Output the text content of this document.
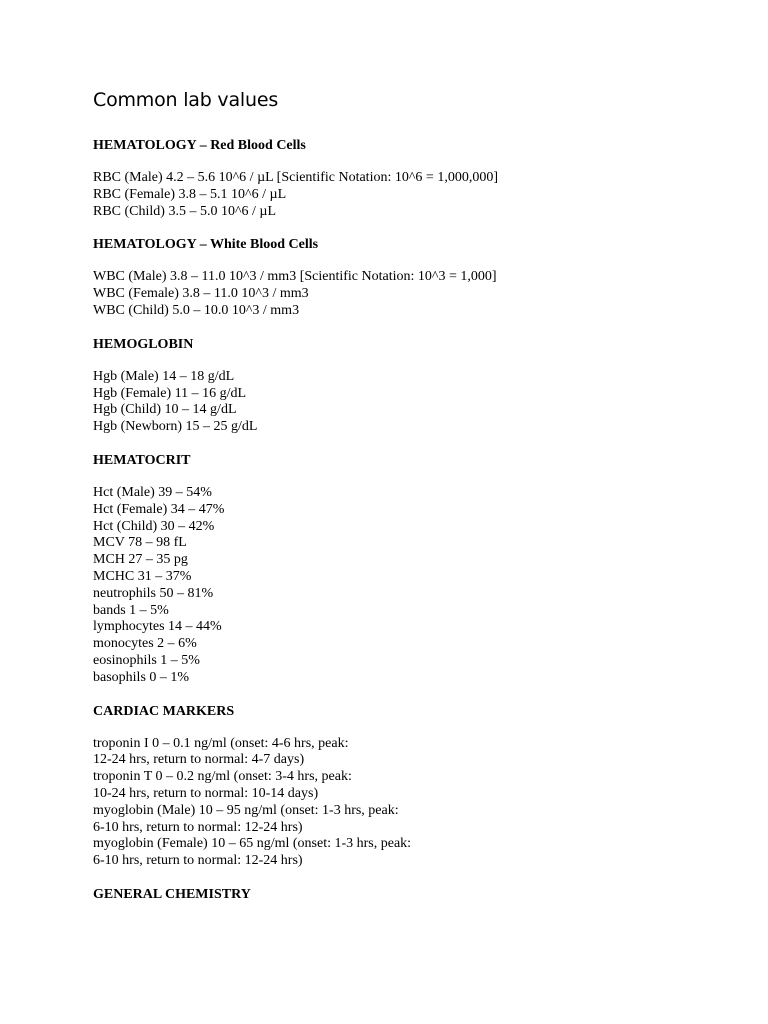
Common lab values
HEMATOLOGY – Red Blood Cells
RBC (Male) 4.2 – 5.6 10^6 / µL [Scientific Notation: 10^6 = 1,000,000]
RBC (Female) 3.8 – 5.1 10^6 / µL
RBC (Child) 3.5 – 5.0 10^6 / µL
HEMATOLOGY – White Blood Cells
WBC (Male) 3.8 – 11.0 10^3 / mm3 [Scientific Notation: 10^3 = 1,000]
WBC (Female) 3.8 – 11.0 10^3 / mm3
WBC (Child) 5.0 – 10.0 10^3 / mm3
HEMOGLOBIN
Hgb (Male) 14 – 18 g/dL
Hgb (Female) 11 – 16 g/dL
Hgb (Child) 10 – 14 g/dL
Hgb (Newborn) 15 – 25 g/dL
HEMATOCRIT
Hct (Male) 39 – 54%
Hct (Female) 34 – 47%
Hct (Child) 30 – 42%
MCV 78 – 98 fL
MCH 27 – 35 pg
MCHC 31 – 37%
neutrophils 50 – 81%
bands 1 – 5%
lymphocytes 14 – 44%
monocytes 2 – 6%
eosinophils 1 – 5%
basophils 0 – 1%
CARDIAC MARKERS
troponin I 0 – 0.1 ng/ml (onset: 4-6 hrs, peak:
12-24 hrs, return to normal: 4-7 days)
troponin T 0 – 0.2 ng/ml (onset: 3-4 hrs, peak:
10-24 hrs, return to normal: 10-14 days)
myoglobin (Male) 10 – 95 ng/ml (onset: 1-3 hrs, peak:
6-10 hrs, return to normal: 12-24 hrs)
myoglobin (Female) 10 – 65 ng/ml (onset: 1-3 hrs, peak:
6-10 hrs, return to normal: 12-24 hrs)
GENERAL CHEMISTRY
